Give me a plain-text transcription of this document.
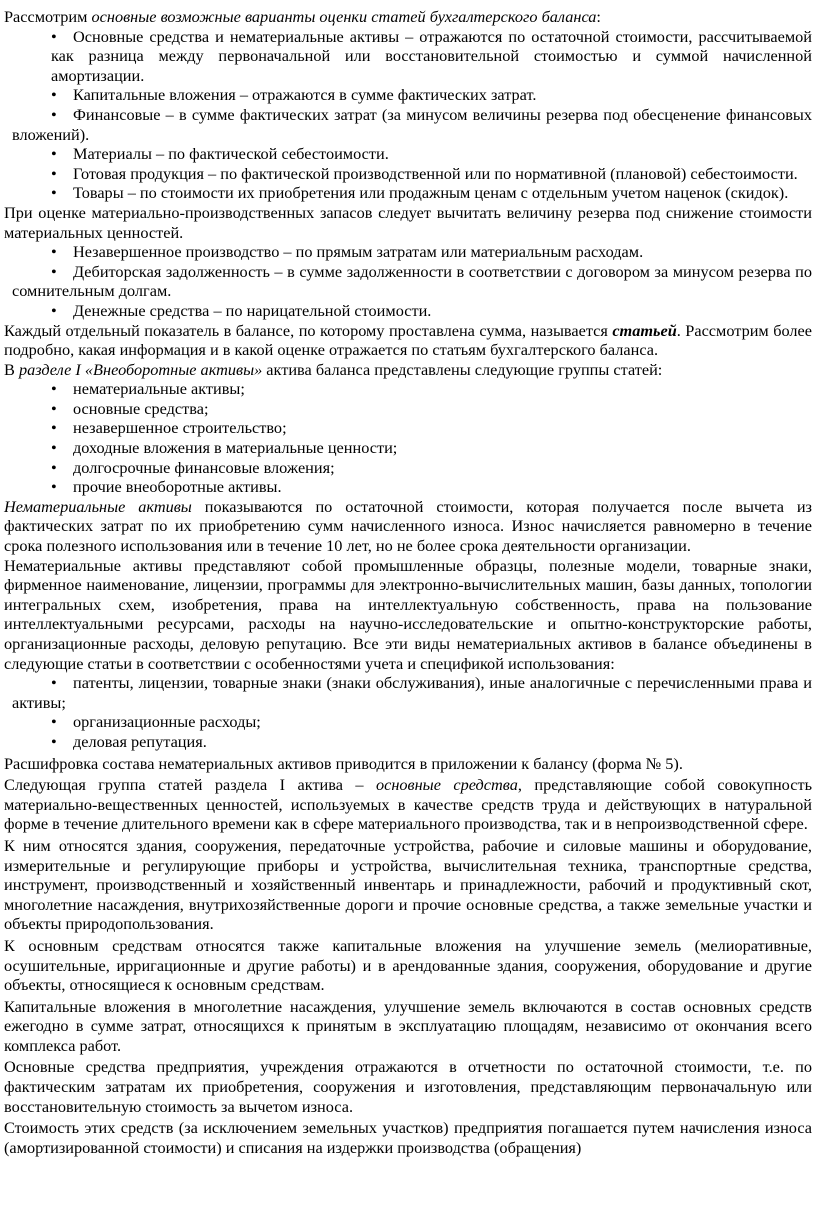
Рассмотрим основные возможные варианты оценки статей бухгалтерского баланса:

• Основные средства и нематериальные активы – отражаются по остаточной стоимости, рассчитываемой как разница между первоначальной или восстановительной стоимостью и суммой начисленной амортизации.
• Капитальные вложения – отражаются в сумме фактических затрат.
• Финансовые – в сумме фактических затрат (за минусом величины резерва под обесценение финансовых вложений).
• Материалы – по фактической себестоимости.
• Готовая продукция – по фактической производственной или по нормативной (плановой) себестоимости.
• Товары – по стоимости их приобретения или продажным ценам с отдельным учетом наценок (скидок).

При оценке материально-производственных запасов следует вычитать величину резерва под снижение стоимости материальных ценностей.

• Незавершенное производство – по прямым затратам или материальным расходам.
• Дебиторская задолженность – в сумме задолженности в соответствии с договором за минусом резерва по сомнительным долгам.
• Денежные средства – по нарицательной стоимости.

Каждый отдельный показатель в балансе, по которому проставлена сумма, называется статьей. Рассмотрим более подробно, какая информация и в какой оценке отражается по статьям бухгалтерского баланса.

В разделе I «Внеоборотные активы» актива баланса представлены следующие группы статей:

• нематериальные активы;
• основные средства;
• незавершенное строительство;
• доходные вложения в материальные ценности;
• долгосрочные финансовые вложения;
• прочие внеоборотные активы.

Нематериальные активы показываются по остаточной стоимости, которая получается после вычета из фактических затрат по их приобретению сумм начисленного износа. Износ начисляется равномерно в течение срока полезного использования или в течение 10 лет, но не более срока деятельности организации.

Нематериальные активы представляют собой промышленные образцы, полезные модели, товарные знаки, фирменное наименование, лицензии, программы для электронно-вычислительных машин, базы данных, топологии интегральных схем, изобретения, права на интеллектуальную собственность, права на пользование интеллектуальными ресурсами, расходы на научно-исследовательские и опытно-конструкторские работы, организационные расходы, деловую репутацию. Все эти виды нематериальных активов в балансе объединены в следующие статьи в соответствии с особенностями учета и спецификой использования:

• патенты, лицензии, товарные знаки (знаки обслуживания), иные аналогичные с перечисленными права и активы;
• организационные расходы;
• деловая репутация.

Расшифровка состава нематериальных активов приводится в приложении к балансу (форма № 5).

Следующая группа статей раздела I актива – основные средства, представляющие собой совокупность материально-вещественных ценностей, используемых в качестве средств труда и действующих в натуральной форме в течение длительного времени как в сфере материального производства, так и в непроизводственной сфере.

К ним относятся здания, сооружения, передаточные устройства, рабочие и силовые машины и оборудование, измерительные и регулирующие приборы и устройства, вычислительная техника, транспортные средства, инструмент, производственный и хозяйственный инвентарь и принадлежности, рабочий и продуктивный скот, многолетние насаждения, внутрихозяйственные дороги и прочие основные средства, а также земельные участки и объекты природопользования.

К основным средствам относятся также капитальные вложения на улучшение земель (мелиоративные, осушительные, ирригационные и другие работы) и в арендованные здания, сооружения, оборудование и другие объекты, относящиеся к основным средствам.

Капитальные вложения в многолетние насаждения, улучшение земель включаются в состав основных средств ежегодно в сумме затрат, относящихся к принятым в эксплуатацию площадям, независимо от окончания всего комплекса работ.

Основные средства предприятия, учреждения отражаются в отчетности по остаточной стоимости, т.е. по фактическим затратам их приобретения, сооружения и изготовления, представляющим первоначальную или восстановительную стоимость за вычетом износа.

Стоимость этих средств (за исключением земельных участков) предприятия погашается путем начисления износа (амортизированной стоимости) и списания на издержки производства (обращения)
